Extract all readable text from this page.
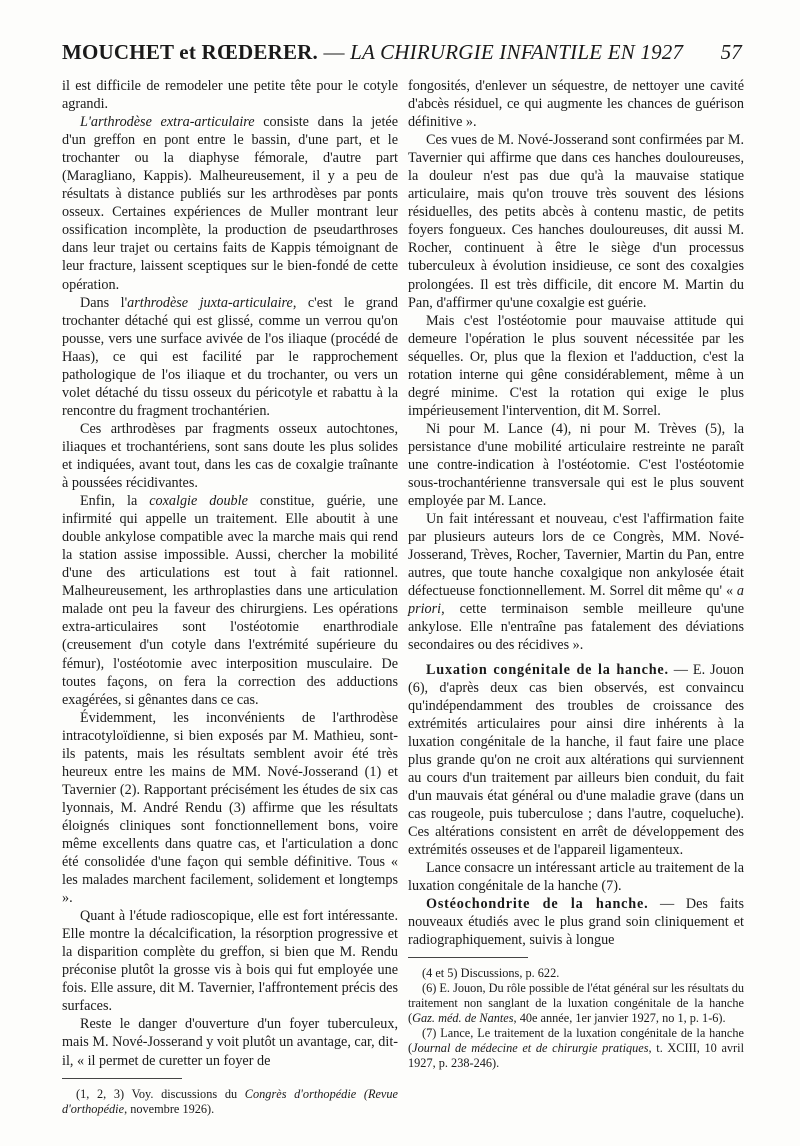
MOUCHET et RŒDERER. — LA CHIRURGIE INFANTILE EN 1927 57

il est difficile de remodeler une petite tête pour le cotyle agrandi.

L'arthrodèse extra-articulaire consiste dans la jetée d'un greffon en pont entre le bassin, d'une part, et le trochanter ou la diaphyse fémorale, d'autre part (Maragliano, Kappis). Malheureusement, il y a peu de résultats à distance publiés sur les arthrodèses par ponts osseux. Certaines expériences de Muller montrant leur ossification incomplète, la production de pseudarthroses dans leur trajet ou certains faits de Kappis témoignant de leur fracture, laissent sceptiques sur le bien-fondé de cette opération.

Dans l'arthrodèse juxta-articulaire, c'est le grand trochanter détaché qui est glissé, comme un verrou qu'on pousse, vers une surface avivée de l'os iliaque (procédé de Haas), ce qui est facilité par le rapprochement pathologique de l'os iliaque et du trochanter, ou vers un volet détaché du tissu osseux du péricotyle et rabattu à la rencontre du fragment trochantérien.

Ces arthrodèses par fragments osseux autochtones, iliaques et trochantériens, sont sans doute les plus solides et indiquées, avant tout, dans les cas de coxalgie traînante à poussées récidivantes.

Enfin, la coxalgie double constitue, guérie, une infirmité qui appelle un traitement. Elle aboutit à une double ankylose compatible avec la marche mais qui rend la station assise impossible. Aussi, chercher la mobilité d'une des articulations est tout à fait rationnel. Malheureusement, les arthroplasties dans une articulation malade ont peu la faveur des chirurgiens. Les opérations extra-articulaires sont l'ostéotomie enarthrodiale (creusement d'un cotyle dans l'extrémité supérieure du fémur), l'ostéotomie avec interposition musculaire. De toutes façons, on fera la correction des adductions exagérées, si gênantes dans ce cas.

Évidemment, les inconvénients de l'arthrodèse intracotyloïdienne, si bien exposés par M. Mathieu, sont-ils patents, mais les résultats semblent avoir été très heureux entre les mains de MM. Nové-Josserand (1) et Tavernier (2). Rapportant précisément les études de six cas lyonnais, M. André Rendu (3) affirme que les résultats éloignés cliniques sont fonctionnellement bons, voire même excellents dans quatre cas, et l'articulation a donc été consolidée d'une façon qui semble définitive. Tous « les malades marchent facilement, solidement et longtemps ».

Quant à l'étude radioscopique, elle est fort intéressante. Elle montre la décalcification, la résorption progressive et la disparition complète du greffon, si bien que M. Rendu préconise plutôt la grosse vis à bois qui fut employée une fois. Elle assure, dit M. Tavernier, l'affrontement précis des surfaces.

Reste le danger d'ouverture d'un foyer tuberculeux, mais M. Nové-Josserand y voit plutôt un avantage, car, dit-il, « il permet de curetter un foyer de

(1, 2, 3) Voy. discussions du Congrès d'orthopédie (Revue d'orthopédie, novembre 1926).

fongosités, d'enlever un séquestre, de nettoyer une cavité d'abcès résiduel, ce qui augmente les chances de guérison définitive ».

Ces vues de M. Nové-Josserand sont confirmées par M. Tavernier qui affirme que dans ces hanches douloureuses, la douleur n'est pas due qu'à la mauvaise statique articulaire, mais qu'on trouve très souvent des lésions résiduelles, des petits abcès à contenu mastic, de petits foyers fongueux. Ces hanches douloureuses, dit aussi M. Rocher, continuent à être le siège d'un processus tuberculeux à évolution insidieuse, ce sont des coxalgies prolongées. Il est très difficile, dit encore M. Martin du Pan, d'affirmer qu'une coxalgie est guérie.

Mais c'est l'ostéotomie pour mauvaise attitude qui demeure l'opération le plus souvent nécessitée par les séquelles. Or, plus que la flexion et l'adduction, c'est la rotation interne qui gêne considérablement, même à un degré minime. C'est la rotation qui exige le plus impérieusement l'intervention, dit M. Sorrel.

Ni pour M. Lance (4), ni pour M. Trèves (5), la persistance d'une mobilité articulaire restreinte ne paraît une contre-indication à l'ostéotomie. C'est l'ostéotomie sous-trochantérienne transversale qui est le plus souvent employée par M. Lance.

Un fait intéressant et nouveau, c'est l'affirmation faite par plusieurs auteurs lors de ce Congrès, MM. Nové-Josserand, Trèves, Rocher, Tavernier, Martin du Pan, entre autres, que toute hanche coxalgique non ankylosée était défectueuse fonctionnellement. M. Sorrel dit même qu' « a priori, cette terminaison semble meilleure qu'une ankylose. Elle n'entraîne pas fatalement des déviations secondaires ou des récidives ».

Luxation congénitale de la hanche. — E. Jouon (6), d'après deux cas bien observés, est convaincu qu'indépendamment des troubles de croissance des extrémités articulaires pour ainsi dire inhérents à la luxation congénitale de la hanche, il faut faire une place plus grande qu'on ne croit aux altérations qui surviennent au cours d'un traitement par ailleurs bien conduit, du fait d'un mauvais état général ou d'une maladie grave (dans un cas rougeole, puis tuberculose ; dans l'autre, coqueluche). Ces altérations consistent en arrêt de développement des extrémités osseuses et de l'appareil ligamenteux.

Lance consacre un intéressant article au traitement de la luxation congénitale de la hanche (7).

Ostéochondrite de la hanche. — Des faits nouveaux étudiés avec le plus grand soin cliniquement et radiographiquement, suivis à longue

(4 et 5) Discussions, p. 622.

(6) E. Jouon, Du rôle possible de l'état général sur les résultats du traitement non sanglant de la luxation congénitale de la hanche (Gaz. méd. de Nantes, 40e année, 1er janvier 1927, no 1, p. 1-6).

(7) Lance, Le traitement de la luxation congénitale de la hanche (Journal de médecine et de chirurgie pratiques, t. XCIII, 10 avril 1927, p. 238-246).
